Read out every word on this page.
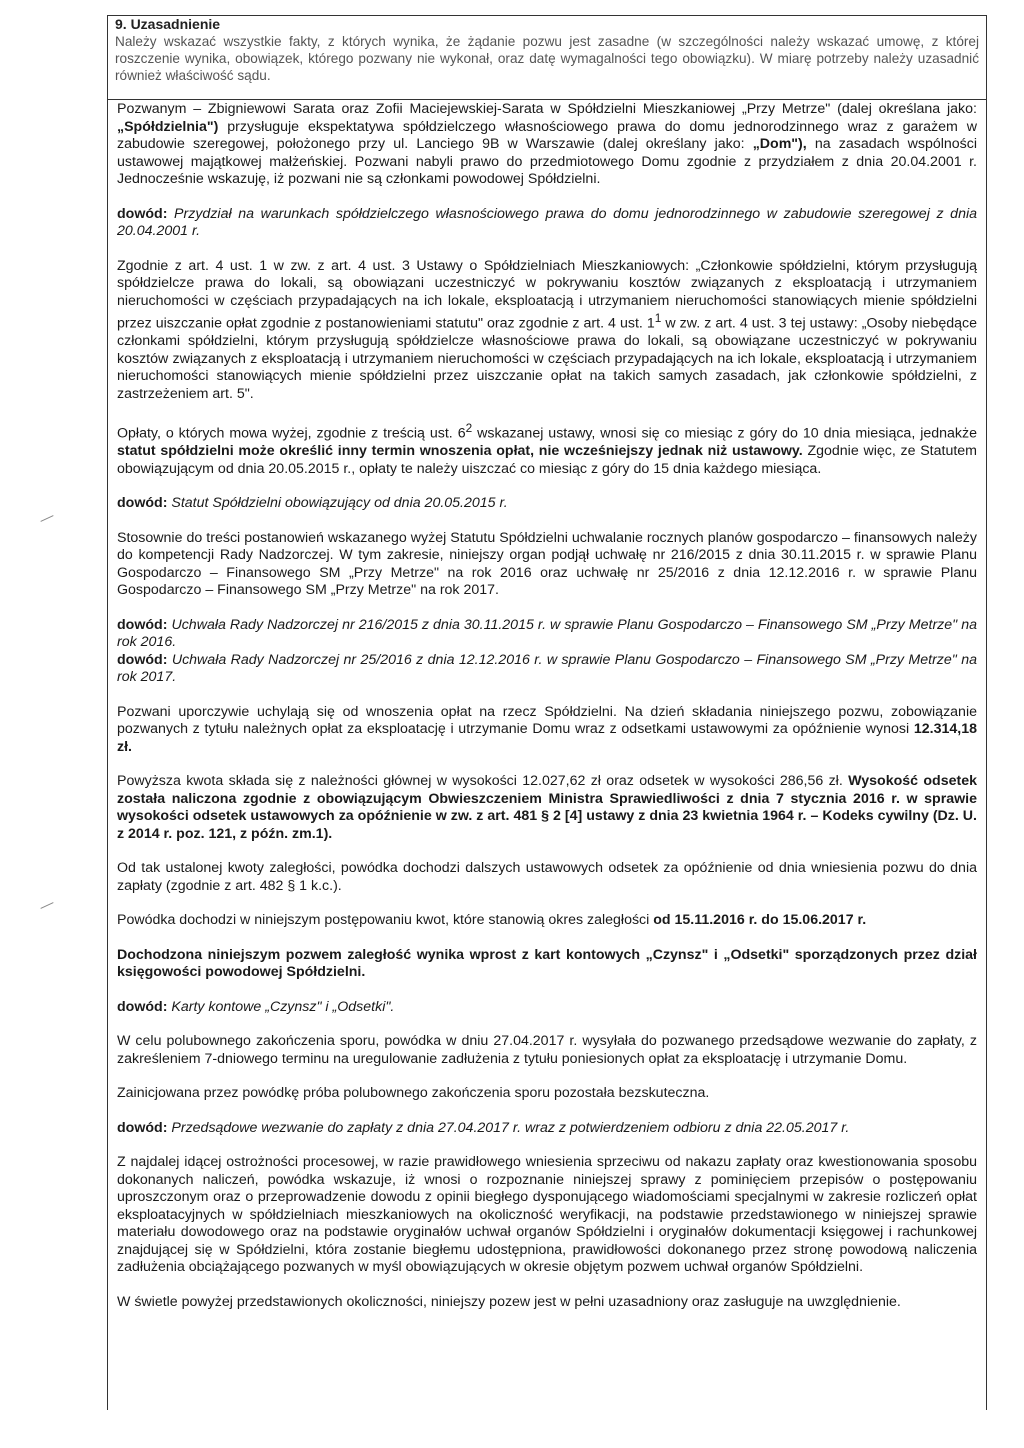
9. Uzasadnienie
Należy wskazać wszystkie fakty, z których wynika, że żądanie pozwu jest zasadne (w szczególności należy wskazać umowę, z której roszczenie wynika, obowiązek, którego pozwany nie wykonał, oraz datę wymagalności tego obowiązku). W miarę potrzeby należy uzasadnić również właściwość sądu.

Pozwanym – Zbigniewowi Sarata oraz Zofii Maciejewskiej-Sarata w Spółdzielni Mieszkaniowej „Przy Metrze" (dalej określana jako: „Spółdzielnia") przysługuje ekspektatywa spółdzielczego własnościowego prawa do domu jednorodzinnego wraz z garażem w zabudowie szeregowej, położonego przy ul. Lanciego 9B w Warszawie (dalej określany jako: „Dom"), na zasadach wspólności ustawowej majątkowej małżeńskiej. Pozwani nabyli prawo do przedmiotowego Domu zgodnie z przydziałem z dnia 20.04.2001 r. Jednocześnie wskazuję, iż pozwani nie są członkami powodowej Spółdzielni.

dowód: Przydział na warunkach spółdzielczego własnościowego prawa do domu jednorodzinnego w zabudowie szeregowej z dnia 20.04.2001 r.

Zgodnie z art. 4 ust. 1 w zw. z art. 4 ust. 3 Ustawy o Spółdzielniach Mieszkaniowych: „Członkowie spółdzielni, którym przysługują spółdzielcze prawa do lokali, są obowiązani uczestniczyć w pokrywaniu kosztów związanych z eksploatacją i utrzymaniem nieruchomości w częściach przypadających na ich lokale, eksploatacją i utrzymaniem nieruchomości stanowiących mienie spółdzielni przez uiszczanie opłat zgodnie z postanowieniami statutu" oraz zgodnie z art. 4 ust. $1^1$ w zw. z art. 4 ust. 3 tej ustawy: „Osoby niebędące członkami spółdzielni, którym przysługują spółdzielcze własnościowe prawa do lokali, są obowiązane uczestniczyć w pokrywaniu kosztów związanych z eksploatacją i utrzymaniem nieruchomości w częściach przypadających na ich lokale, eksploatacją i utrzymaniem nieruchomości stanowiących mienie spółdzielni przez uiszczanie opłat na takich samych zasadach, jak członkowie spółdzielni, z zastrzeżeniem art. 5".

Opłaty, o których mowa wyżej, zgodnie z treścią ust. $6^2$ wskazanej ustawy, wnosi się co miesiąc z góry do 10 dnia miesiąca, jednakże statut spółdzielni może określić inny termin wnoszenia opłat, nie wcześniejszy jednak niż ustawowy. Zgodnie więc, ze Statutem obowiązującym od dnia 20.05.2015 r., opłaty te należy uiszczać co miesiąc z góry do 15 dnia każdego miesiąca.

dowód: Statut Spółdzielni obowiązujący od dnia 20.05.2015 r.

Stosownie do treści postanowień wskazanego wyżej Statutu Spółdzielni uchwalanie rocznych planów gospodarczo – finansowych należy do kompetencji Rady Nadzorczej. W tym zakresie, niniejszy organ podjął uchwałę nr 216/2015 z dnia 30.11.2015 r. w sprawie Planu Gospodarczo – Finansowego SM „Przy Metrze" na rok 2016 oraz uchwałę nr 25/2016 z dnia 12.12.2016 r. w sprawie Planu Gospodarczo – Finansowego SM „Przy Metrze" na rok 2017.

dowód: Uchwała Rady Nadzorczej nr 216/2015 z dnia 30.11.2015 r. w sprawie Planu Gospodarczo – Finansowego SM „Przy Metrze" na rok 2016.

dowód: Uchwała Rady Nadzorczej nr 25/2016 z dnia 12.12.2016 r. w sprawie Planu Gospodarczo – Finansowego SM „Przy Metrze" na rok 2017.

Pozwani uporczywie uchylają się od wnoszenia opłat na rzecz Spółdzielni. Na dzień składania niniejszego pozwu, zobowiązanie pozwanych z tytułu należnych opłat za eksploatację i utrzymanie Domu wraz z odsetkami ustawowymi za opóźnienie wynosi 12.314,18 zł.

Powyższa kwota składa się z należności głównej w wysokości 12.027,62 zł oraz odsetek w wysokości 286,56 zł. Wysokość odsetek została naliczona zgodnie z obowiązującym Obwieszczeniem Ministra Sprawiedliwości z dnia 7 stycznia 2016 r. w sprawie wysokości odsetek ustawowych za opóźnienie w zw. z art. 481 § 2 [4] ustawy z dnia 23 kwietnia 1964 r. – Kodeks cywilny (Dz. U. z 2014 r. poz. 121, z późn. zm.1).

Od tak ustalonej kwoty zaległości, powódka dochodzi dalszych ustawowych odsetek za opóźnienie od dnia wniesienia pozwu do dnia zapłaty (zgodnie z art. 482 § 1 k.c.).

Powódka dochodzi w niniejszym postępowaniu kwot, które stanowią okres zaległości od 15.11.2016 r. do 15.06.2017 r.

Dochodzona niniejszym pozwem zaległość wynika wprost z kart kontowych „Czynsz" i „Odsetki" sporządzonych przez dział księgowości powodowej Spółdzielni.

dowód: Karty kontowe „Czynsz" i „Odsetki".

W celu polubownego zakończenia sporu, powódka w dniu 27.04.2017 r. wysyłała do pozwanego przedsądowe wezwanie do zapłaty, z zakreśleniem 7-dniowego terminu na uregulowanie zadłużenia z tytułu poniesionych opłat za eksploatację i utrzymanie Domu.

Zainicjowana przez powódkę próba polubownego zakończenia sporu pozostała bezskuteczna.

dowód: Przedsądowe wezwanie do zapłaty z dnia 27.04.2017 r. wraz z potwierdzeniem odbioru z dnia 22.05.2017 r.

Z najdalej idącej ostrożności procesowej, w razie prawidłowego wniesienia sprzeciwu od nakazu zapłaty oraz kwestionowania sposobu dokonanych naliczeń, powódka wskazuje, iż wnosi o rozpoznanie niniejszej sprawy z pominięciem przepisów o postępowaniu uproszczonym oraz o przeprowadzenie dowodu z opinii biegłego dysponującego wiadomościami specjalnymi w zakresie rozliczeń opłat eksploatacyjnych w spółdzielniach mieszkaniowych na okoliczność weryfikacji, na podstawie przedstawionego w niniejszej sprawie materiału dowodowego oraz na podstawie oryginałów uchwał organów Spółdzielni i oryginałów dokumentacji księgowej i rachunkowej znajdującej się w Spółdzielni, która zostanie biegłemu udostępniona, prawidłowości dokonanego przez stronę powodową naliczenia zadłużenia obciążającego pozwanych w myśl obowiązujących w okresie objętym pozwem uchwał organów Spółdzielni.

W świetle powyżej przedstawionych okoliczności, niniejszy pozew jest w pełni uzasadniony oraz zasługuje na uwzględnienie.
